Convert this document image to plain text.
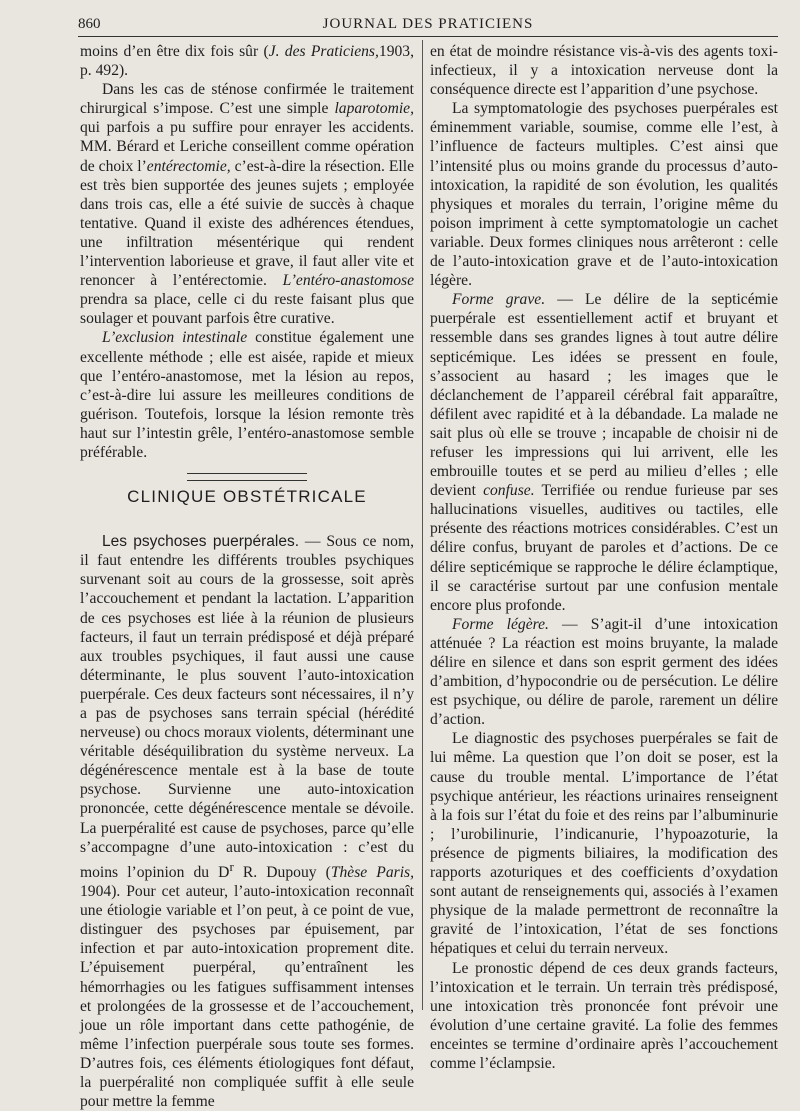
860	JOURNAL DES PRATICIENS

moins d’en être dix fois sûr (J. des Praticiens,1903, p. 492).

Dans les cas de sténose confirmée le traitement chirurgical s’impose. C’est une simple laparotomie, qui parfois a pu suffire pour enrayer les accidents. MM. Bérard et Leriche conseillent comme opération de choix l’entérectomie, c’est-à-dire la résection. Elle est très bien supportée des jeunes sujets ; employée dans trois cas, elle a été suivie de succès à chaque tentative. Quand il existe des adhérences étendues, une infiltration mésentérique qui rendent l’intervention laborieuse et grave, il faut aller vite et renoncer à l’entérectomie. L’entéro-anastomose prendra sa place, celle ci du reste faisant plus que soulager et pouvant parfois être curative.

L’exclusion intestinale constitue également une excellente méthode ; elle est aisée, rapide et mieux que l’entéro-anastomose, met la lésion au repos, c’est-à-dire lui assure les meilleures conditions de guérison. Toutefois, lorsque la lésion remonte très haut sur l’intestin grêle, l’entéro-anastomose semble préférable.

CLINIQUE OBSTÉTRICALE

Les psychoses puerpérales. — Sous ce nom, il faut entendre les différents troubles psychiques survenant soit au cours de la grossesse, soit après l’accouchement et pendant la lactation. L’apparition de ces psychoses est liée à la réunion de plusieurs facteurs, il faut un terrain prédisposé et déjà préparé aux troubles psychiques, il faut aussi une cause déterminante, le plus souvent l’auto-intoxication puerpérale. Ces deux facteurs sont nécessaires, il n’y a pas de psychoses sans terrain spécial (hérédité nerveuse) ou chocs moraux violents, déterminant une véritable déséquilibration du système nerveux. La dégénérescence mentale est à la base de toute psychose. Survienne une auto-intoxication prononcée, cette dégénérescence mentale se dévoile. La puerpéralité est cause de psychoses, parce qu’elle s’accompagne d’une auto-intoxication : c’est du moins l’opinion du $D^r$ R. Dupouy (Thèse Paris, 1904). Pour cet auteur, l’auto-intoxication reconnaît une étiologie variable et l’on peut, à ce point de vue, distinguer des psychoses par épuisement, par infection et par auto-intoxication proprement dite. L’épuisement puerpéral, qu’entraînent les hémorrhagies ou les fatigues suffisamment intenses et prolongées de la grossesse et de l’accouchement, joue un rôle important dans cette pathogénie, de même l’infection puerpérale sous toute ses formes. D’autres fois, ces éléments étiologiques font défaut, la puerpéralité non compliquée suffit à elle seule pour mettre la femme

en état de moindre résistance vis-à-vis des agents toxi-infectieux, il y a intoxication nerveuse dont la conséquence directe est l’apparition d’une psychose.

La symptomatologie des psychoses puerpérales est éminemment variable, soumise, comme elle l’est, à l’influence de facteurs multiples. C’est ainsi que l’intensité plus ou moins grande du processus d’auto-intoxication, la rapidité de son évolution, les qualités physiques et morales du terrain, l’origine même du poison impriment à cette symptomatologie un cachet variable. Deux formes cliniques nous arrêteront : celle de l’auto-intoxication grave et de l’auto-intoxication légère.

Forme grave. — Le délire de la septicémie puerpérale est essentiellement actif et bruyant et ressemble dans ses grandes lignes à tout autre délire septicémique. Les idées se pressent en foule, s’associent au hasard ; les images que le déclanchement de l’appareil cérébral fait apparaître, défilent avec rapidité et à la débandade. La malade ne sait plus où elle se trouve ; incapable de choisir ni de refuser les impressions qui lui arrivent, elle les embrouille toutes et se perd au milieu d’elles ; elle devient confuse. Terrifiée ou rendue furieuse par ses hallucinations visuelles, auditives ou tactiles, elle présente des réactions motrices considérables. C’est un délire confus, bruyant de paroles et d’actions. De ce délire septicémique se rapproche le délire éclamptique, il se caractérise surtout par une confusion mentale encore plus profonde.

Forme légère. — S’agit-il d’une intoxication atténuée ? La réaction est moins bruyante, la malade délire en silence et dans son esprit germent des idées d’ambition, d’hypocondrie ou de persécution. Le délire est psychique, ou délire de parole, rarement un délire d’action.

Le diagnostic des psychoses puerpérales se fait de lui même. La question que l’on doit se poser, est la cause du trouble mental. L’importance de l’état psychique antérieur, les réactions urinaires renseignent à la fois sur l’état du foie et des reins par l’albuminurie ; l’urobilinurie, l’indicanurie, l’hypoazoturie, la présence de pigments biliaires, la modification des rapports azoturiques et des coefficients d’oxydation sont autant de renseignements qui, associés à l’examen physique de la malade permettront de reconnaître la gravité de l’intoxication, l’état de ses fonctions hépatiques et celui du terrain nerveux.

Le pronostic dépend de ces deux grands facteurs, l’intoxication et le terrain. Un terrain très prédisposé, une intoxication très prononcée font prévoir une évolution d’une certaine gravité. La folie des femmes enceintes se termine d’ordinaire après l’accouchement comme l’éclampsie.
